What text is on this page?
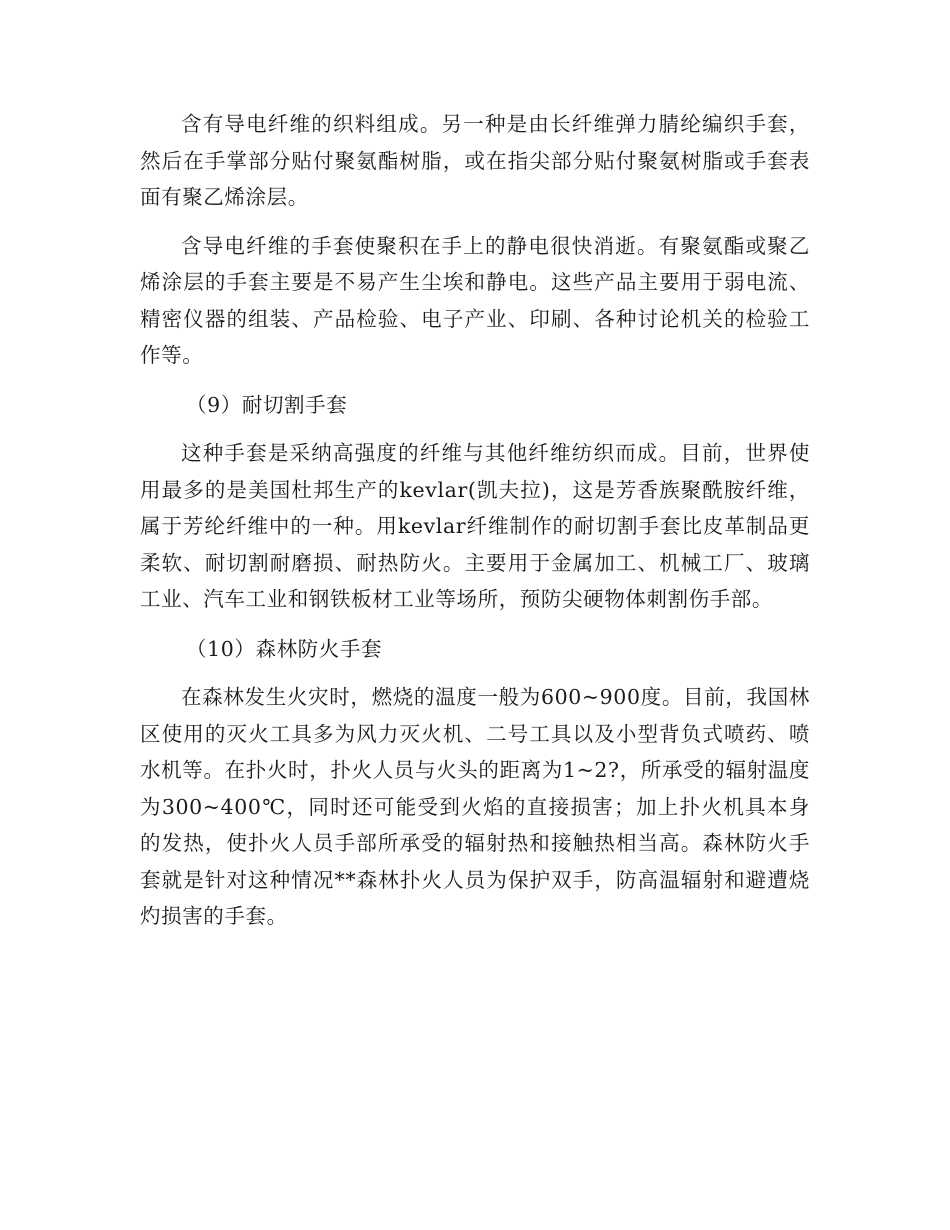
含有导电纤维的织料组成。另一种是由长纤维弹力腈纶编织手套，然后在手掌部分贴付聚氨酯树脂，或在指尖部分贴付聚氨树脂或手套表面有聚乙烯涂层。

含导电纤维的手套使聚积在手上的静电很快消逝。有聚氨酯或聚乙烯涂层的手套主要是不易产生尘埃和静电。这些产品主要用于弱电流、精密仪器的组装、产品检验、电子产业、印刷、各种讨论机关的检验工作等。

（9）耐切割手套

这种手套是采纳高强度的纤维与其他纤维纺织而成。目前，世界使用最多的是美国杜邦生产的kevlar(凯夫拉)，这是芳香族聚酰胺纤维，属于芳纶纤维中的一种。用kevlar纤维制作的耐切割手套比皮革制品更柔软、耐切割耐磨损、耐热防火。主要用于金属加工、机械工厂、玻璃工业、汽车工业和钢铁板材工业等场所，预防尖硬物体刺割伤手部。

（10）森林防火手套

在森林发生火灾时，燃烧的温度一般为600~900度。目前，我国林区使用的灭火工具多为风力灭火机、二号工具以及小型背负式喷药、喷水机等。在扑火时，扑火人员与火头的距离为1~2?，所承受的辐射温度为300~400℃，同时还可能受到火焰的直接损害；加上扑火机具本身的发热，使扑火人员手部所承受的辐射热和接触热相当高。森林防火手套就是针对这种情况**森林扑火人员为保护双手，防高温辐射和避遭烧灼损害的手套。
